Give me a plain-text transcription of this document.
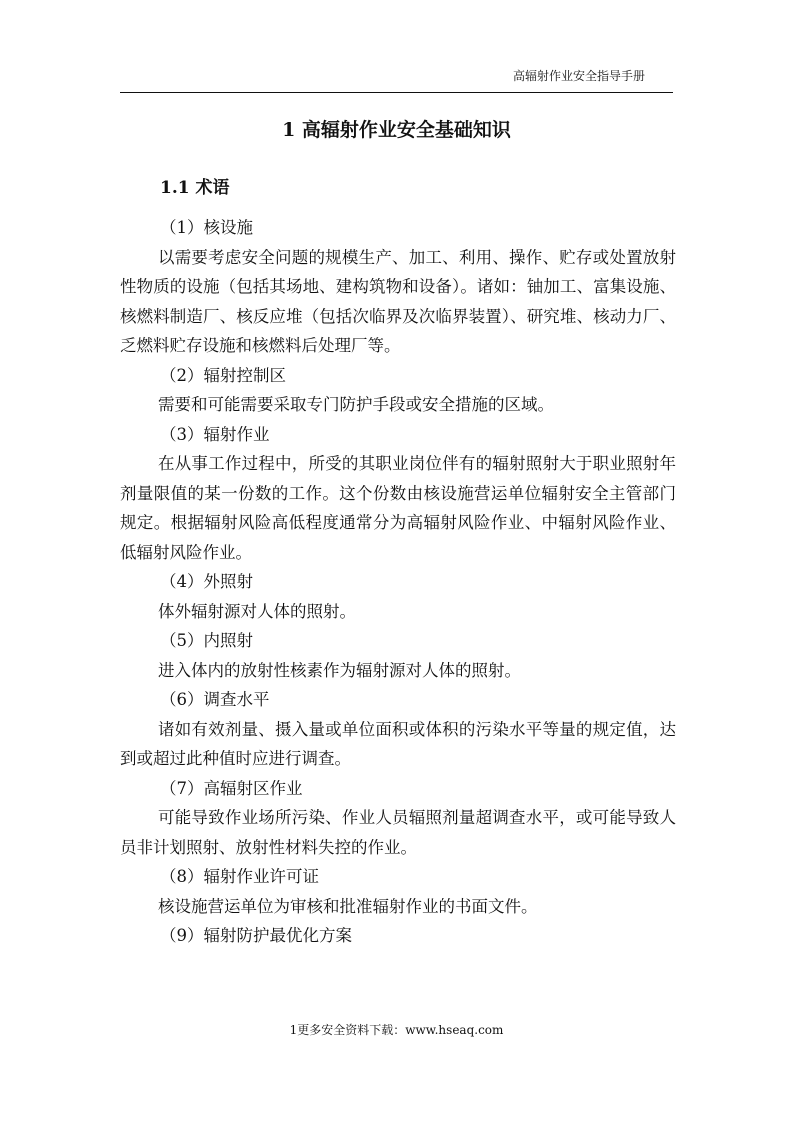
高辐射作业安全指导手册
1 高辐射作业安全基础知识
1.1 术语
（1）核设施

以需要考虑安全问题的规模生产、加工、利用、操作、贮存或处置放射性物质的设施（包括其场地、建构筑物和设备）。诸如：铀加工、富集设施、核燃料制造厂、核反应堆（包括次临界及次临界装置）、研究堆、核动力厂、乏燃料贮存设施和核燃料后处理厂等。

（2）辐射控制区

需要和可能需要采取专门防护手段或安全措施的区域。

（3）辐射作业

在从事工作过程中，所受的其职业岗位伴有的辐射照射大于职业照射年剂量限值的某一份数的工作。这个份数由核设施营运单位辐射安全主管部门规定。根据辐射风险高低程度通常分为高辐射风险作业、中辐射风险作业、低辐射风险作业。

（4）外照射

体外辐射源对人体的照射。

（5）内照射

进入体内的放射性核素作为辐射源对人体的照射。

（6）调查水平

诸如有效剂量、摄入量或单位面积或体积的污染水平等量的规定值，达到或超过此种值时应进行调查。

（7）高辐射区作业

可能导致作业场所污染、作业人员辐照剂量超调查水平，或可能导致人员非计划照射、放射性材料失控的作业。

（8）辐射作业许可证

核设施营运单位为审核和批准辐射作业的书面文件。

（9）辐射防护最优化方案
1更多安全资料下载：www.hseaq.com
